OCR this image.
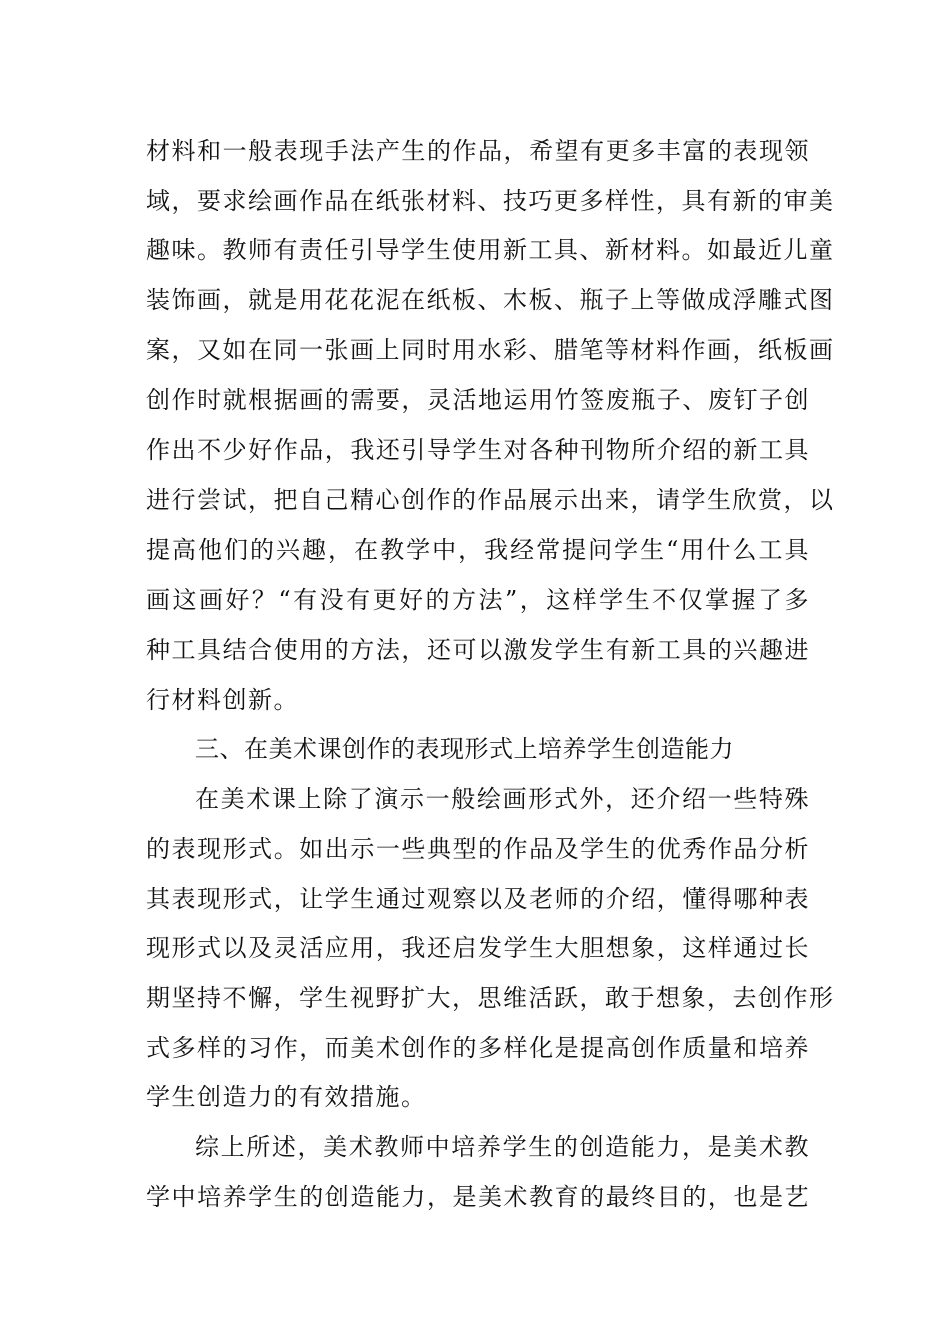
材料和一般表现手法产生的作品，希望有更多丰富的表现领
域，要求绘画作品在纸张材料、技巧更多样性，具有新的审美
趣味。教师有责任引导学生使用新工具、新材料。如最近儿童
装饰画，就是用花花泥在纸板、木板、瓶子上等做成浮雕式图
案，又如在同一张画上同时用水彩、腊笔等材料作画，纸板画
创作时就根据画的需要，灵活地运用竹签废瓶子、废钉子创
作出不少好作品，我还引导学生对各种刊物所介绍的新工具
进行尝试，把自己精心创作的作品展示出来，请学生欣赏，以
提高他们的兴趣，在教学中，我经常提问学生“用什么工具
画这画好？“有没有更好的方法”，这样学生不仅掌握了多
种工具结合使用的方法，还可以激发学生有新工具的兴趣进
行材料创新。
三、在美术课创作的表现形式上培养学生创造能力
在美术课上除了演示一般绘画形式外，还介绍一些特殊
的表现形式。如出示一些典型的作品及学生的优秀作品分析
其表现形式，让学生通过观察以及老师的介绍，懂得哪种表
现形式以及灵活应用，我还启发学生大胆想象，这样通过长
期坚持不懈，学生视野扩大，思维活跃，敢于想象，去创作形
式多样的习作，而美术创作的多样化是提高创作质量和培养
学生创造力的有效措施。
综上所述，美术教师中培养学生的创造能力，是美术教
学中培养学生的创造能力，是美术教育的最终目的，也是艺
